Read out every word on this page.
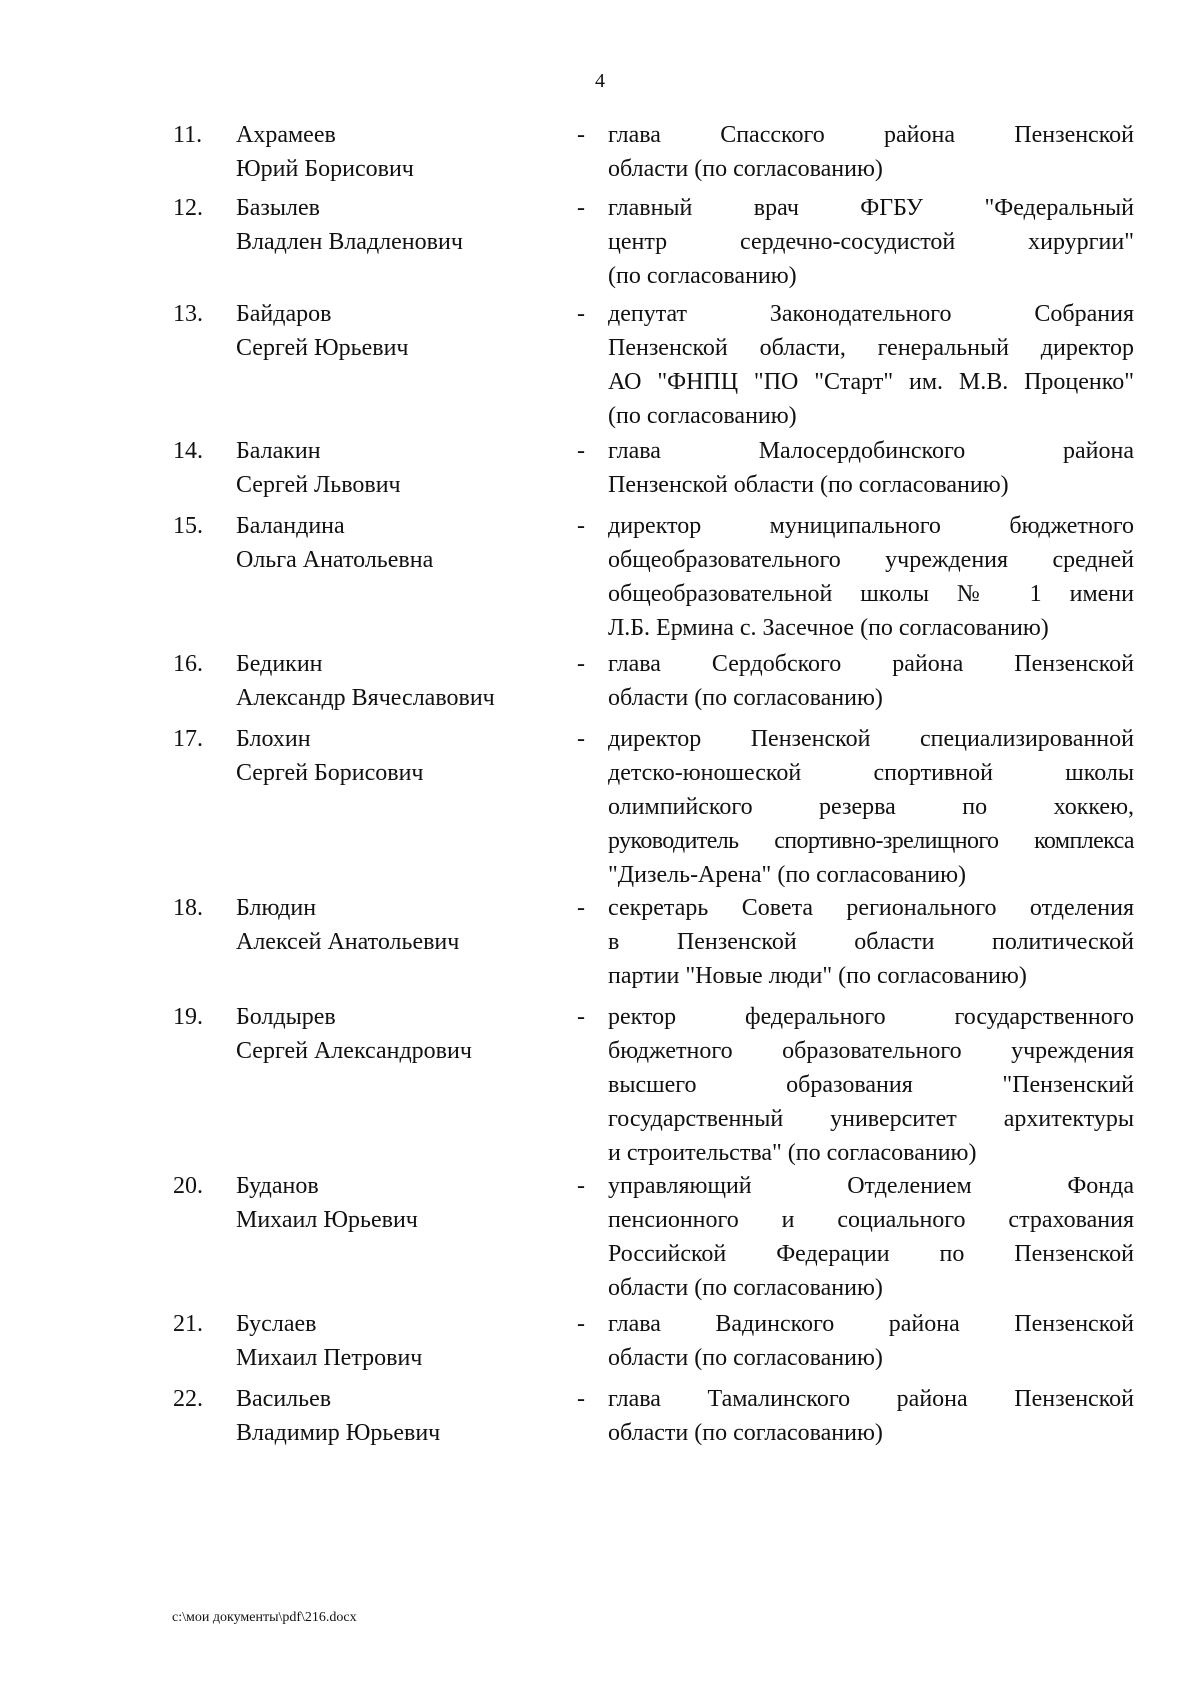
4
11. Ахрамеев
Юрий Борисович
- глава Спасского района Пензенской
области (по согласованию)
12. Базылев
Владлен Владленович
- главный врач ФГБУ "Федеральный
центр сердечно-сосудистой хирургии"
(по согласованию)
13. Байдаров
Сергей Юрьевич
- депутат Законодательного Собрания
Пензенской области, генеральный директор
АО "ФНПЦ "ПО "Старт" им. М.В. Проценко"
(по согласованию)
14. Балакин
Сергей Львович
- глава Малосердобинского района
Пензенской области (по согласованию)
15. Баландина
Ольга Анатольевна
- директор муниципального бюджетного
общеобразовательного учреждения средней
общеобразовательной школы № 1 имени
Л.Б. Ермина с. Засечное (по согласованию)
16. Бедикин
Александр Вячеславович
- глава Сердобского района Пензенской
области (по согласованию)
17. Блохин
Сергей Борисович
- директор Пензенской специализированной
детско-юношеской спортивной школы
олимпийского резерва по хоккею,
руководитель спортивно-зрелищного комплекса
"Дизель-Арена" (по согласованию)
18. Блюдин
Алексей Анатольевич
- секретарь Совета регионального отделения
в Пензенской области политической
партии "Новые люди" (по согласованию)
19. Болдырев
Сергей Александрович
- ректор федерального государственного
бюджетного образовательного учреждения
высшего образования "Пензенский
государственный университет архитектуры
и строительства" (по согласованию)
20. Буданов
Михаил Юрьевич
- управляющий Отделением Фонда
пенсионного и социального страхования
Российской Федерации по Пензенской
области (по согласованию)
21. Буслаев
Михаил Петрович
- глава Вадинского района Пензенской
области (по согласованию)
22. Васильев
Владимир Юрьевич
- глава Тамалинского района Пензенской
области (по согласованию)
c:\мои документы\pdf\216.docx
